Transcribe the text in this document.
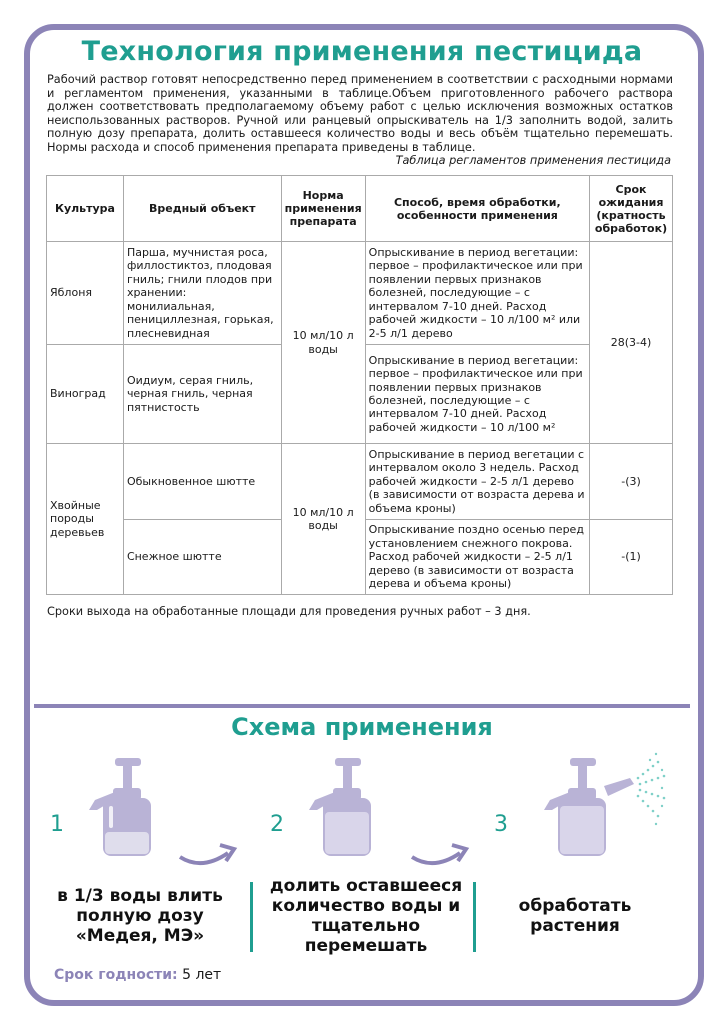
Технология применения пестицида
Рабочий раствор готовят непосредственно перед применением в соответствии с расходными нормами и регламентом применения, указанными в таблице.Объем приготовленного рабочего раствора должен соответствовать предполагаемому объему работ с целью исключения возможных остатков неиспользованных растворов. Ручной или ранцевый опрыскиватель на 1/3 заполнить водой, залить полную дозу препарата, долить оставшееся количество воды и весь объём тщательно перемешать. Нормы расхода и способ применения препарата приведены в таблице.
Таблица регламентов применения пестицида
Культура	Вредный объект	Норма применения препарата	Способ, время обработки, особенности применения	Срок ожидания (кратность обработок)
Яблоня	Парша, мучнистая роса, филлостиктоз, плодовая гниль; гнили плодов при хранении: монилиальная, пенициллезная, горькая, плесневидная	10 мл/10 л воды	Опрыскивание в период вегетации: первое – профилактическое или при появлении первых признаков болезней, последующие – с интервалом 7-10 дней. Расход рабочей жидкости – 10 л/100 м² или 2-5 л/1 дерево	28(3-4)
Виноград	Оидиум, серая гниль, черная гниль, черная пятнистость		Опрыскивание в период вегетации: первое – профилактическое или при появлении первых признаков болезней, последующие – с интервалом 7-10 дней. Расход рабочей жидкости – 10 л/100 м²	
Хвойные породы деревьев	Обыкновенное шютте	10 мл/10 л воды	Опрыскивание в период вегетации с интервалом около 3 недель. Расход рабочей жидкости – 2-5 л/1 дерево (в зависимости от возраста дерева и объема кроны)	-(3)
	Снежное шютте		Опрыскивание поздно осенью перед установлением снежного покрова. Расход рабочей жидкости – 2-5 л/1 дерево (в зависимости от возраста дерева и объема кроны)	-(1)
Сроки выхода на обработанные площади для проведения ручных работ – 3 дня.
Схема применения
1	2	3
в 1/3 воды влить полную дозу «Медея, МЭ»
долить оставшееся количество воды и тщательно перемешать
обработать растения
Срок годности: 5 лет
